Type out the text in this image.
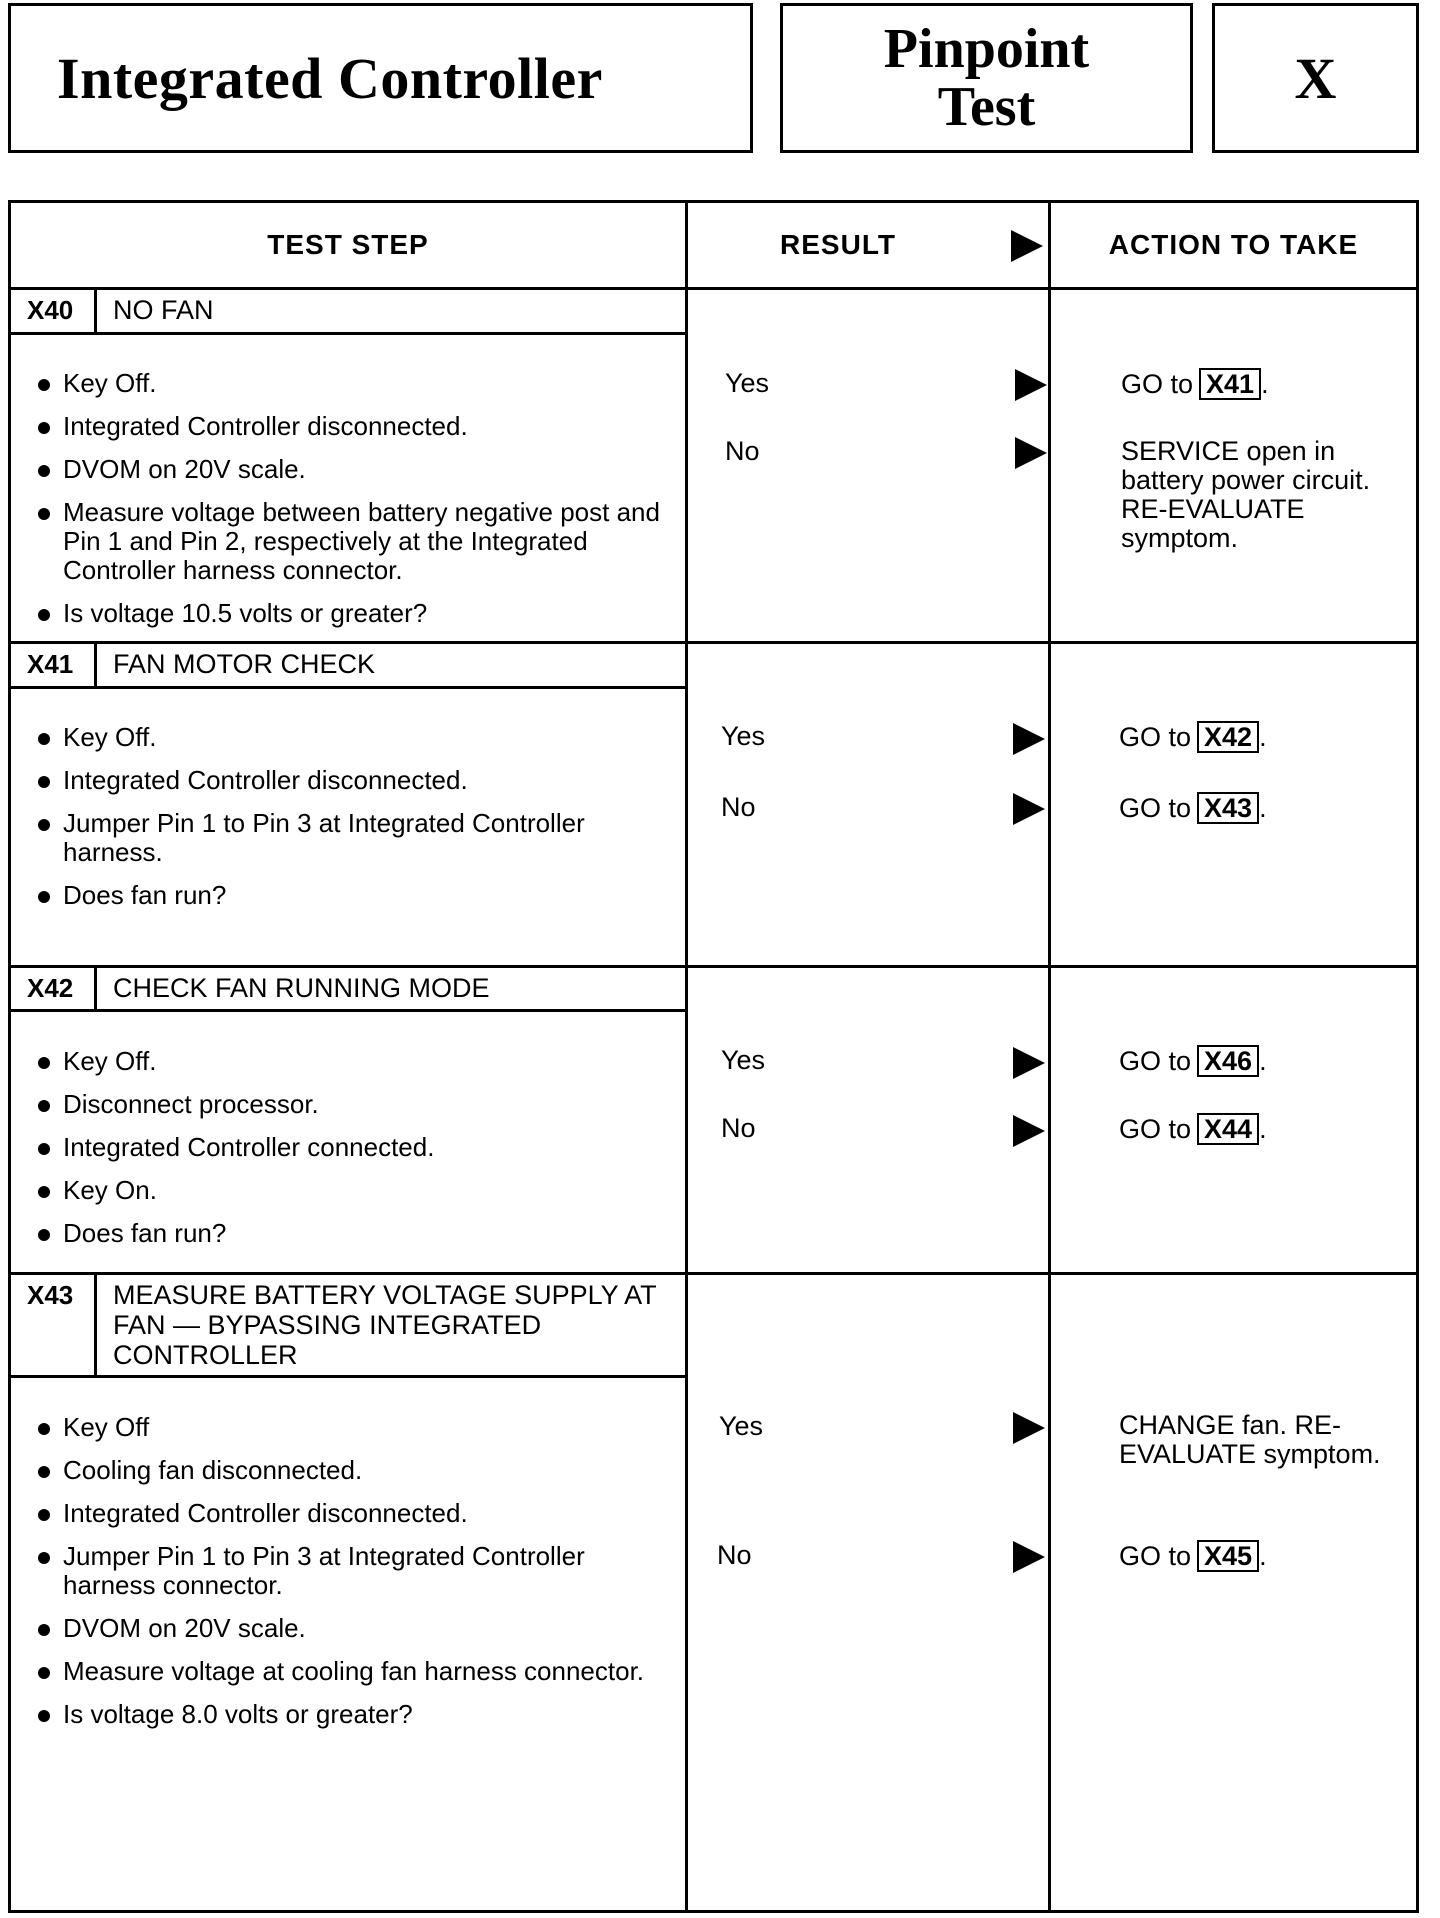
Integrated Controller	Pinpoint
Test	X
TEST STEP	RESULT	ACTION TO TAKE
X40 NO FAN
Key Off.
Integrated Controller disconnected.
DVOM on 20V scale.
Measure voltage between battery negative post and Pin 1 and Pin 2, respectively at the Integrated Controller harness connector.
Is voltage 10.5 volts or greater?
Yes	GO to X41 .
No	SERVICE open in battery power circuit. RE-EVALUATE symptom.
X41 FAN MOTOR CHECK
Key Off.
Integrated Controller disconnected.
Jumper Pin 1 to Pin 3 at Integrated Controller harness.
Does fan run?
Yes	GO to X42 .
No	GO to X43 .
X42 CHECK FAN RUNNING MODE
Key Off.
Disconnect processor.
Integrated Controller connected.
Key On.
Does fan run?
Yes	GO to X46 .
No	GO to X44 .
X43 MEASURE BATTERY VOLTAGE SUPPLY AT FAN — BYPASSING INTEGRATED CONTROLLER
Key Off
Cooling fan disconnected.
Integrated Controller disconnected.
Jumper Pin 1 to Pin 3 at Integrated Controller harness connector.
DVOM on 20V scale.
Measure voltage at cooling fan harness connector.
Is voltage 8.0 volts or greater?
Yes	CHANGE fan. RE-EVALUATE symptom.
No	GO to X45 .
